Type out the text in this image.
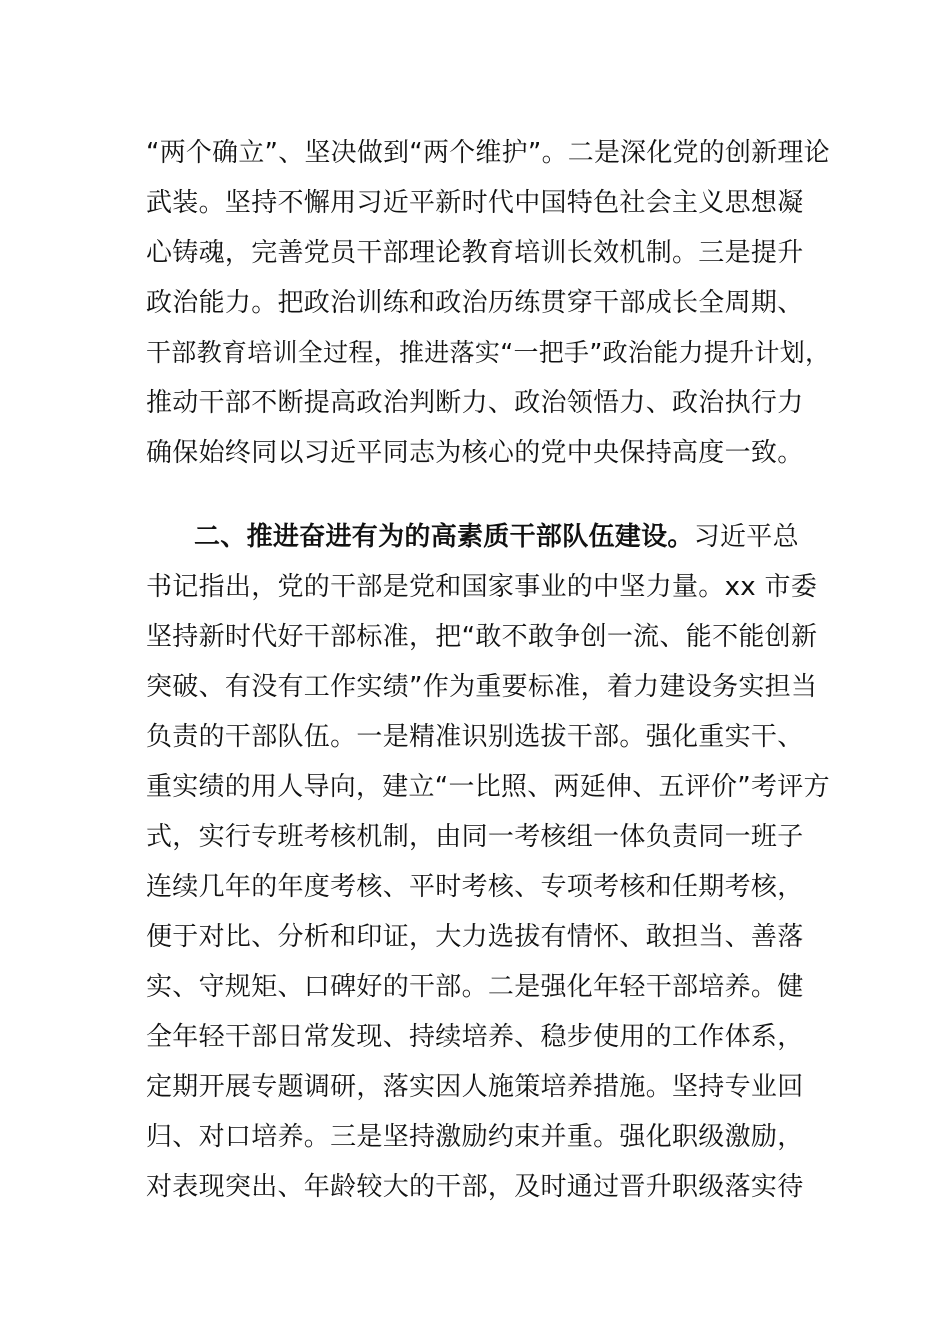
“两个确立”、坚决做到“两个维护”。二是深化党的创新理论

武装。坚持不懈用习近平新时代中国特色社会主义思想凝

心铸魂，完善党员干部理论教育培训长效机制。三是提升

政治能力。把政治训练和政治历练贯穿干部成长全周期、

干部教育培训全过程，推进落实“一把手”政治能力提升计划，

推动干部不断提高政治判断力、政治领悟力、政治执行力

确保始终同以习近平同志为核心的党中央保持高度一致。

二、推进奋进有为的高素质干部队伍建设。习近平总

书记指出，党的干部是党和国家事业的中坚力量。xx 市委

坚持新时代好干部标准，把“敢不敢争创一流、能不能创新

突破、有没有工作实绩”作为重要标准，着力建设务实担当

负责的干部队伍。一是精准识别选拔干部。强化重实干、

重实绩的用人导向，建立“一比照、两延伸、五评价”考评方

式，实行专班考核机制，由同一考核组一体负责同一班子

连续几年的年度考核、平时考核、专项考核和任期考核，

便于对比、分析和印证，大力选拔有情怀、敢担当、善落

实、守规矩、口碑好的干部。二是强化年轻干部培养。健

全年轻干部日常发现、持续培养、稳步使用的工作体系，

定期开展专题调研，落实因人施策培养措施。坚持专业回

归、对口培养。三是坚持激励约束并重。强化职级激励，

对表现突出、年龄较大的干部，及时通过晋升职级落实待
